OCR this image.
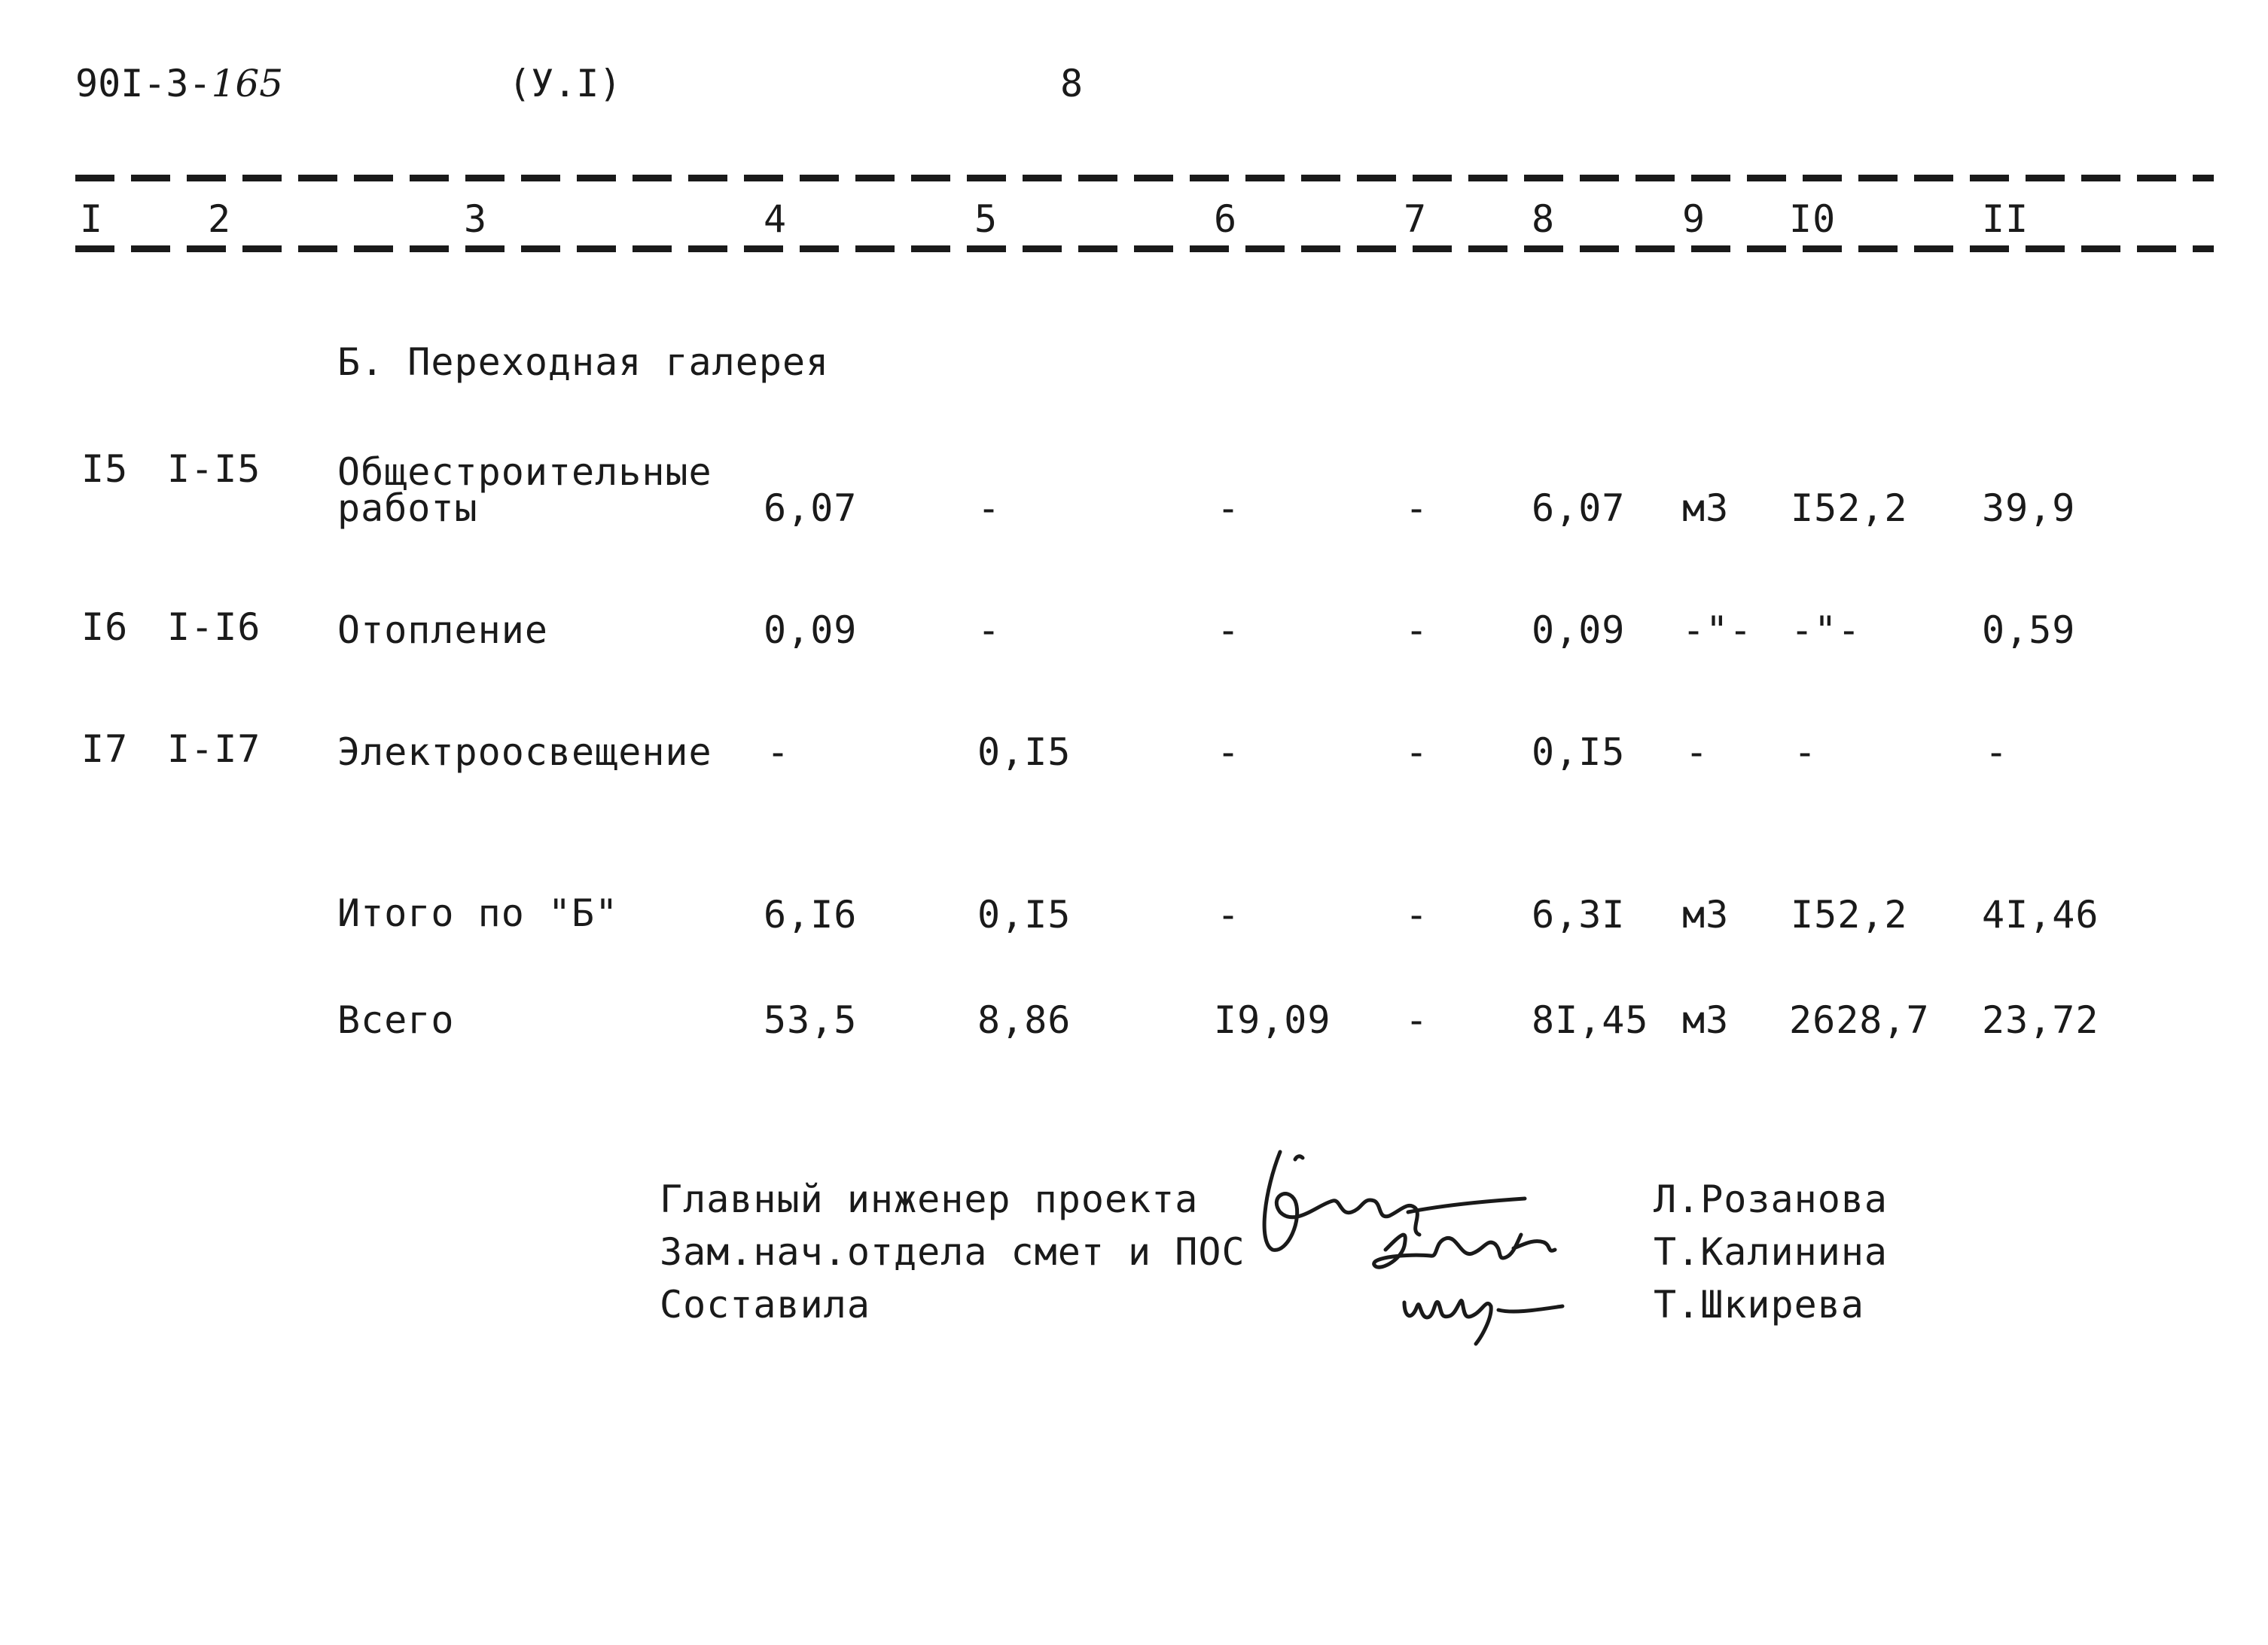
90I-3-165	(У.I)	8
I	2	3	4	5	6	7	8	9 I0	II
Б. Переходная галерея
I5 I-I5 Общестроительные
работы	6,07	-	-	-	6,07 м3 I52,2 39,9
I6 I-I6 Отопление	0,09	-	-	-	0,09 -"- -"-	0,59
I7 I-I7 Электроосвещение -	0,I5	-	-	0,I5 - -	-
Итого по "Б"	6,I6	0,I5	-	-	6,3I м3 I52,2 4I,46
Всего	53,5	8,86	I9,09 -	8I,45 м3 2628,7 23,72
Главный инженер проекта
Зам.нач.отдела смет и ПОС
Составила
Л.Розанова
Т.Калинина
Т.Шкирева
